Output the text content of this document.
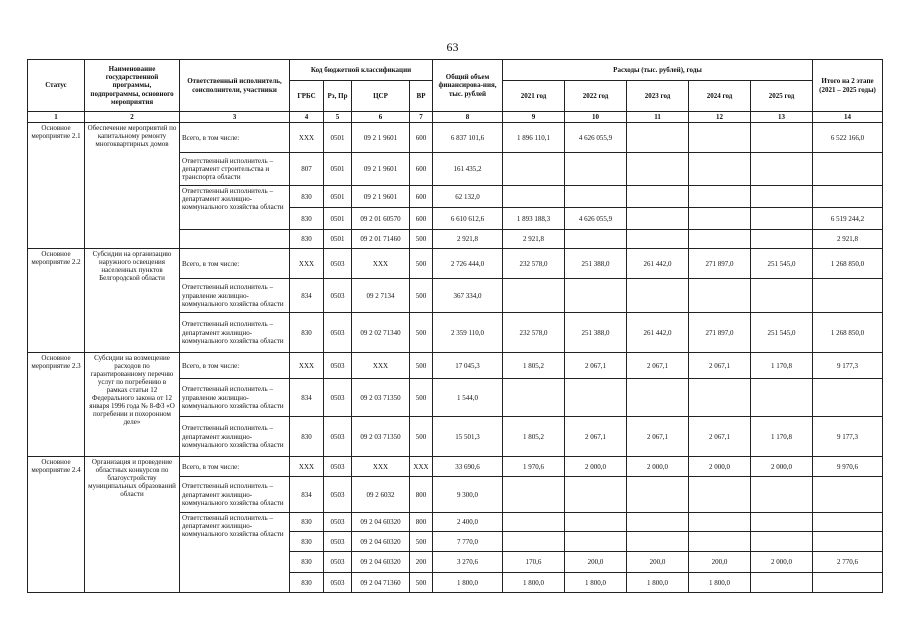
63
Статус	Наименование государственной программы, подпрограммы, основного мероприятия	Ответственный исполнитель, соисполнители, участники	Код бюджетной классификации				Общий объем финансирова-ния, тыс. рублей	Расходы (тыс. рублей), годы					Итого на 2 этапе (2021 – 2025 годы)
			ГРБС	Рз, Пр	ЦСР	ВР		2021 год	2022 год	2023 год	2024 год	2025 год	
1	2	3	4	5	6	7	8	9	10	11	12	13	14
Основное мероприятие 2.1	Обеспечение мероприятий по капитальному ремонту многоквартирных домов	Всего, в том числе:	XXX	0501	09 2 1 9601	600	6 837 101,6	1 896 110,1	4 626 055,9				6 522 166,0
		Ответственный исполнитель – департамент строительства и транспорта области	807	0501	09 2 1 9601	600	161 435,2						
		Ответственный исполнитель – департамент жилищно-коммунального хозяйства области	830	0501	09 2 1 9601	600	62 132,0						
			830	0501	09 2 01 60570	600	6 610 612,6	1 893 188,3	4 626 055,9				6 519 244,2
			830	0501	09 2 01 71460	500	2 921,8	2 921,8					2 921,8
Основное мероприятие 2.2	Субсидии на организацию наружного освещения населенных пунктов Белгородской области	Всего, в том числе:	XXX	0503	XXX	500	2 726 444,0	232 578,0	251 388,0	261 442,0	271 897,0	251 545,0	1 268 850,0
		Ответственный исполнитель – управление жилищно-коммунального хозяйства области	834	0503	09 2 7134	500	367 334,0						
		Ответственный исполнитель – департамент жилищно-коммунального хозяйства области	830	0503	09 2 02 71340	500	2 359 110,0	232 578,0	251 388,0	261 442,0	271 897,0	251 545,0	1 268 850,0
Основное мероприятие 2.3	Субсидии на возмещение расходов по гарантированному перечню услуг по погребению в рамках статьи 12 Федерального закона от 12 января 1996 года № 8-ФЗ «О погребении и похоронном деле»	Всего, в том числе:	XXX	0503	XXX	500	17 045,3	1 805,2	2 067,1	2 067,1	2 067,1	1 170,8	9 177,3
		Ответственный исполнитель – управление жилищно-коммунального хозяйства области	834	0503	09 2 03 71350	500	1 544,0						
		Ответственный исполнитель – департамент жилищно-коммунального хозяйства области	830	0503	09 2 03 71350	500	15 501,3	1 805,2	2 067,1	2 067,1	2 067,1	1 170,8	9 177,3
Основное мероприятие 2.4	Организация и проведение областных конкурсов по благоустройству муниципальных образований области	Всего, в том числе:	XXX	0503	XXX	XXX	33 690,6	1 970,6	2 000,0	2 000,0	2 000,0	2 000,0	9 970,6
		Ответственный исполнитель – департамент жилищно-коммунального хозяйства области	834	0503	09 2 6032	800	9 300,0						
		Ответственный исполнитель – департамент жилищно-коммунального хозяйства области	830	0503	09 2 04 60320	800	2 400,0						
			830	0503	09 2 04 60320	500	7 770,0						
			830	0503	09 2 04 60320	200	3 270,6	170,6	200,0	200,0	200,0	2 000,0	2 770,6
			830	0503	09 2 04 71360	500	1 800,0	1 800,0	1 800,0	1 800,0	1 800,0		
